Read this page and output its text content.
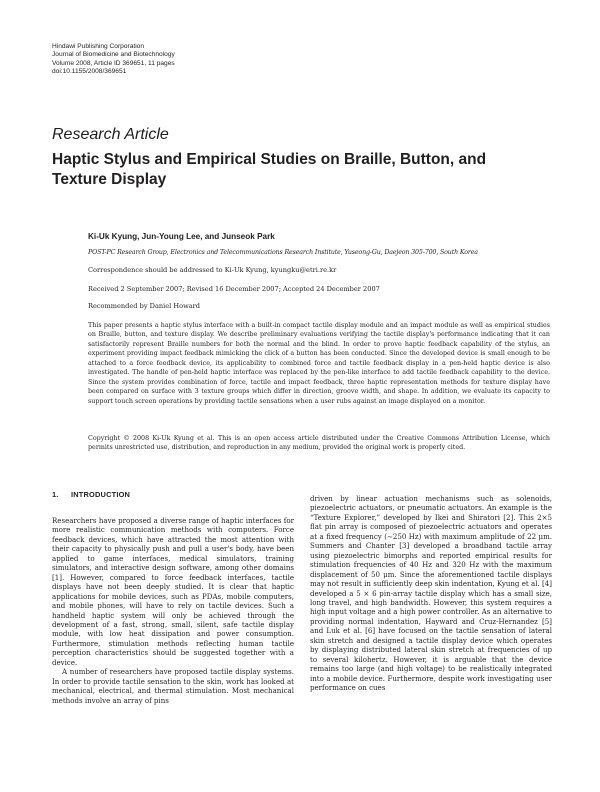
Hindawi Publishing Corporation
Journal of Biomedicine and Biotechnology
Volume 2008, Article ID 369651, 11 pages
doi:10.1155/2008/369651
Research Article
Haptic Stylus and Empirical Studies on Braille, Button, and Texture Display
Ki-Uk Kyung, Jun-Young Lee, and Junseok Park
POST-PC Research Group, Electronics and Telecommunications Research Institute, Yuseong-Gu, Daejeon 305-700, South Korea
Correspondence should be addressed to Ki-Uk Kyung, kyungku@etri.re.kr
Received 2 September 2007; Revised 16 December 2007; Accepted 24 December 2007
Recommended by Daniel Howard
This paper presents a haptic stylus interface with a built-in compact tactile display module and an impact module as well as empirical studies on Braille, button, and texture display. We describe preliminary evaluations verifying the tactile display's performance indicating that it can satisfactorily represent Braille numbers for both the normal and the blind. In order to prove haptic feedback capability of the stylus, an experiment providing impact feedback mimicking the click of a button has been conducted. Since the developed device is small enough to be attached to a force feedback device, its applicability to combined force and tactile feedback display in a pen-held haptic device is also investigated. The handle of pen-held haptic interface was replaced by the pen-like interface to add tactile feedback capability to the device. Since the system provides combination of force, tactile and impact feedback, three haptic representation methods for texture display have been compared on surface with 3 texture groups which differ in direction, groove width, and shape. In addition, we evaluate its capacity to support touch screen operations by providing tactile sensations when a user rubs against an image displayed on a monitor.
Copyright © 2008 Ki-Uk Kyung et al. This is an open access article distributed under the Creative Commons Attribution License, which permits unrestricted use, distribution, and reproduction in any medium, provided the original work is properly cited.
1. INTRODUCTION

Researchers have proposed a diverse range of haptic interfaces for more realistic communication methods with computers. Force feedback devices, which have attracted the most attention with their capacity to physically push and pull a user's body, have been applied to game interfaces, medical simulators, training simulators, and interactive design software, among other domains [1]. However, compared to force feedback interfaces, tactile displays have not been deeply studied. It is clear that haptic applications for mobile devices, such as PDAs, mobile computers, and mobile phones, will have to rely on tactile devices. Such a handheld haptic system will only be achieved through the development of a fast, strong, small, silent, safe tactile display module, with low heat dissipation and power consumption. Furthermore, stimulation methods reflecting human tactile perception characteristics should be suggested together with a device.

A number of researchers have proposed tactile display systems. In order to provide tactile sensation to the skin, work has looked at mechanical, electrical, and thermal stimulation. Most mechanical methods involve an array of pins

driven by linear actuation mechanisms such as solenoids, piezoelectric actuators, or pneumatic actuators. An example is the “Texture Explorer,” developed by Ikei and Shiratori [2]. This 2×5 flat pin array is composed of piezoelectric actuators and operates at a fixed frequency (∼250 Hz) with maximum amplitude of 22 μm. Summers and Chanter [3] developed a broadband tactile array using piezoelectric bimorphs and reported empirical results for stimulation frequencies of 40 Hz and 320 Hz with the maximum displacement of 50 μm. Since the aforementioned tactile displays may not result in sufficiently deep skin indentation, Kyung et al. [4] developed a 5 × 6 pin-array tactile display which has a small size, long travel, and high bandwidth. However, this system requires a high input voltage and a high power controller. As an alternative to providing normal indentation, Hayward and Cruz-Hernandez [5] and Luk et al. [6] have focused on the tactile sensation of lateral skin stretch and designed a tactile display device which operates by displaying distributed lateral skin stretch at frequencies of up to several kilohertz. However, it is arguable that the device remains too large (and high voltage) to be realistically integrated into a mobile device. Furthermore, despite work investigating user performance on cues
